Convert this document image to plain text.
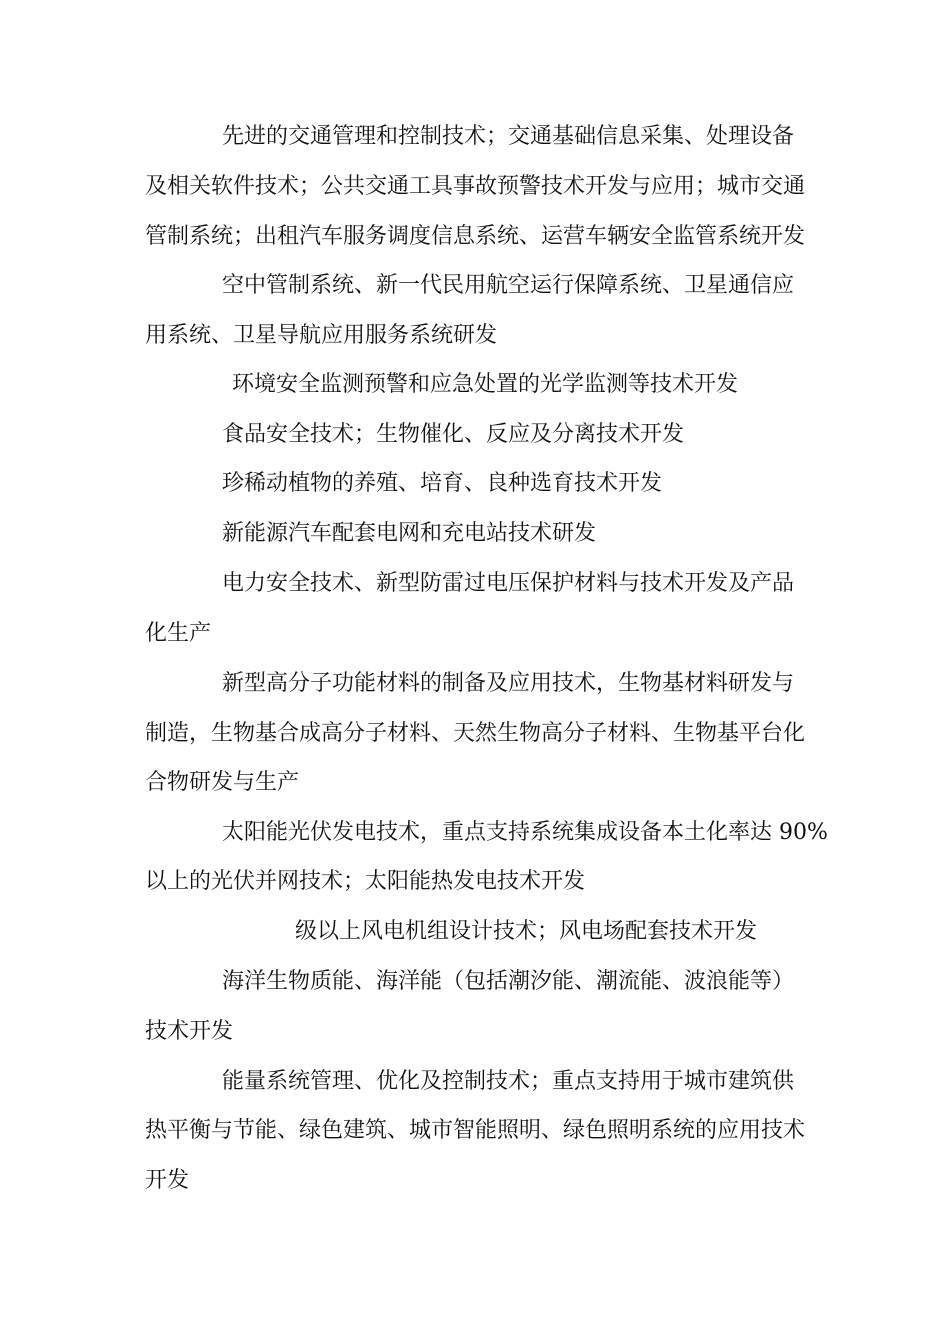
先进的交通管理和控制技术；交通基础信息采集、处理设备
及相关软件技术；公共交通工具事故预警技术开发与应用；城市交通
管制系统；出租汽车服务调度信息系统、运营车辆安全监管系统开发
空中管制系统、新一代民用航空运行保障系统、卫星通信应
用系统、卫星导航应用服务系统研发
环境安全监测预警和应急处置的光学监测等技术开发
食品安全技术；生物催化、反应及分离技术开发
珍稀动植物的养殖、培育、良种选育技术开发
新能源汽车配套电网和充电站技术研发
电力安全技术、新型防雷过电压保护材料与技术开发及产品
化生产
新型高分子功能材料的制备及应用技术，生物基材料研发与
制造，生物基合成高分子材料、天然生物高分子材料、生物基平台化
合物研发与生产
太阳能光伏发电技术，重点支持系统集成设备本土化率达 90%
以上的光伏并网技术；太阳能热发电技术开发
级以上风电机组设计技术；风电场配套技术开发
海洋生物质能、海洋能（包括潮汐能、潮流能、波浪能等）
技术开发
能量系统管理、优化及控制技术；重点支持用于城市建筑供
热平衡与节能、绿色建筑、城市智能照明、绿色照明系统的应用技术
开发
